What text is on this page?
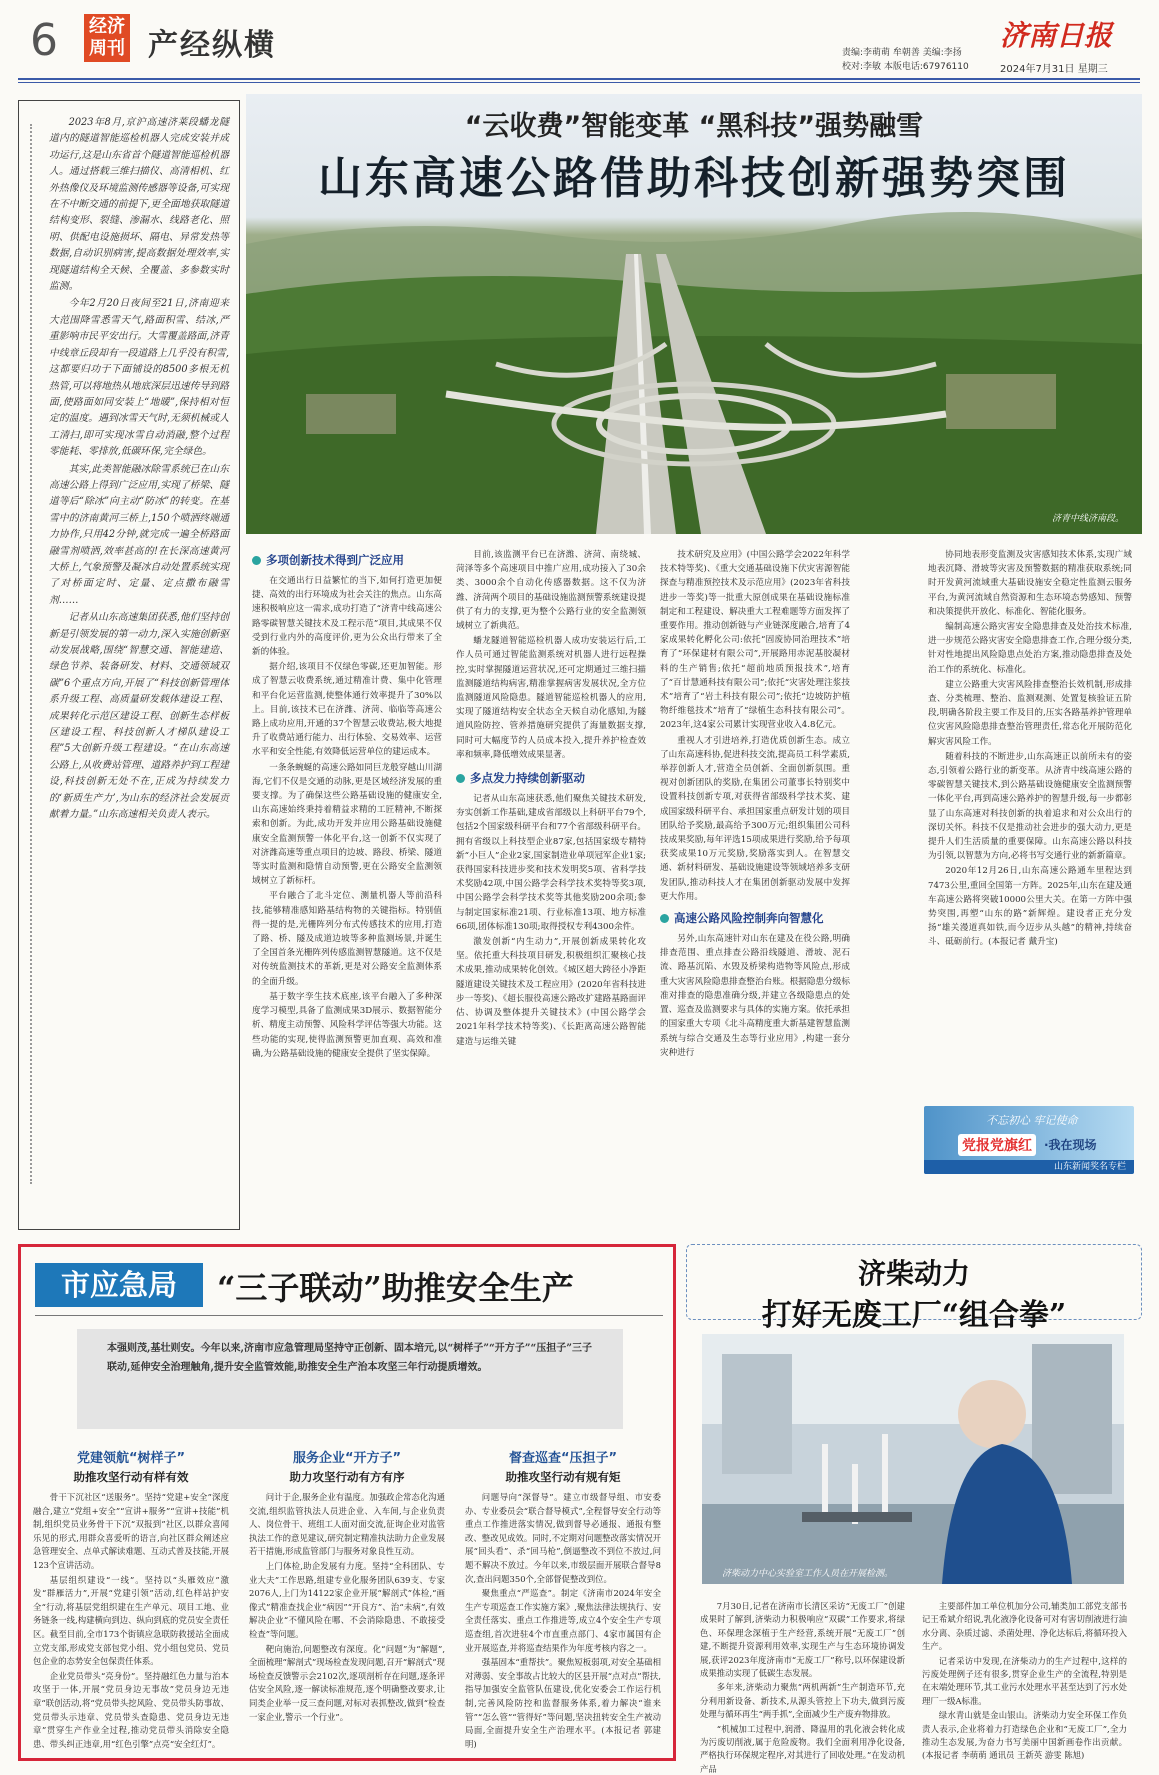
6 经济
周刊 产经纵横	责编:李萌萌 牟朝善 美编:李扬
校对:李敏 本版电话:67976110
济南日报
2024年7月31日 星期三

2023年8月,京沪高速济莱段蟠龙隧道内的隧道智能巡检机器人完成安装并成功运行,这是山东省首个隧道智能巡检机器人。通过搭载三维扫描仪、高清相机、红外热像仪及环境监测传感器等设备,可实现在不中断交通的前提下,更全面地获取隧道结构变形、裂缝、渗漏水、线路老化、照明、供配电设施损坏、隔电、异常发热等数据,自动识别病害,提高数据处理效率,实现隧道结构全天候、全覆盖、多参数实时监测。

今年2月20日夜间至21日,济南迎来大范围降雪悉雪天气,路面积雪、结冰,严重影响市民平安出行。大雪覆盖路面,济青中线章丘段却有一段道路上几乎没有积雪,这都要归功于下面铺设的8500多根无机热管,可以将地热从地底深层迅速传导到路面,使路面如同安装上“地暖”,保持相对恒定的温度。遇到冰雪天气时,无须机械或人工清扫,即可实现冰雪自动消融,整个过程零能耗、零排放,低碳环保,完全绿色。

其实,此类智能融冰除雪系统已在山东高速公路上得到广泛应用,实现了桥梁、隧道等后“除冰”向主动“防冰”的转变。在基雪中的济南黄河三桥上,150个喷洒终端通力协作,只用42分钟,就完成一遍全桥路面融雪剂喷洒,效率甚高的!在长深高速黄河大桥上,气象预警及凝冰自动处置系统实现了对桥面定时、定量、定点撒布融雪剂……

记者从山东高速集团获悉,他们坚持创新是引领发展的第一动力,深入实施创新驱动发展战略,围绕“智慧交通、智能建造、绿色节养、装备研发、材料、交通领域双碳”6个重点方向,开展了“科技创新管理体系升级工程、高质量研发载体建设工程、成果转化示范区建设工程、创新生态样板区建设工程、科技创新人才梯队建设工程”5大创新升级工程建设。“在山东高速公路上,从收费站管理、道路养护到工程建设,科技创新无处不在,正成为持续发力的‘新质生产力’,为山东的经济社会发展贡献着力量。”山东高速相关负责人表示。

“云收费”智能变革 “黑科技”强势融雪
山东高速公路借助科技创新强势突围
济青中线济南段。
多项创新技术得到广泛应用

在交通出行日益繁忙的当下,如何打造更加便捷、高效的出行环境成为社会关注的焦点。山东高速积极响应这一需求,成功打造了“济青中线高速公路零碳智慧关键技术及工程示范”项目,其成果不仅受到行业内外的高度评价,更为公众出行带来了全新的体验。

据介绍,该项目不仅绿色零碳,还更加智能。形成了智慧云收费系统,通过精准计费、集中化管理和平台化运营监测,使整体通行效率提升了30%以上。目前,该技术已在济潍、济菏、临临等高速公路上成功应用,开通的37个智慧云收费站,极大地提升了收费站通行能力、出行体验、交易效率、运营水平和安全性能,有效降低运营单位的建运成本。

一条条蜿蜒的高速公路如同巨龙般穿越山川湖海,它们不仅是交通的动脉,更是区域经济发展的重要支撑。为了确保这些公路基础设施的健康安全,山东高速始终秉持着精益求精的工匠精神,不断探索和创新。为此,成功开发并应用公路基础设施健康安全监测预警一体化平台,这一创新不仅实现了对济潍高速等重点项目的边坡、路段、桥梁、隧道等实时监测和隐情自动预警,更在公路安全监测领域树立了新标杆。

平台融合了北斗定位、测量机器人等前沿科技,能够精准感知路基结构物的关键指标。特别值得一提的是,光栅阵列分布式传感技术的应用,打造了路、桥、隧及成道边坡等多种监测场景,并诞生了全国首条光栅阵列传感监测智慧隧道。这不仅是对传统监测技术的革新,更是对公路安全监测体系的全面升级。

基于数字孪生技术底座,该平台融入了多种深度学习模型,具备了监测成果3D展示、数据智能分析、精度主动预警、风险科学评估等强大功能。这些功能的实现,使得监测预警更加直观、高效和准确,为公路基础设施的健康安全提供了坚实保障。

目前,该监测平台已在济潍、济菏、南绕城、菏泽等多个高速项目中推广应用,成功接入了30余类、3000余个自动化传感器数据。这不仅为济潍、济菏两个项目的基础设施监测预警系统建设提供了有力的支撑,更为整个公路行业的安全监测领域树立了新典范。

蟠龙隧道智能巡检机器人成功安装运行后,工作人员可通过智能监测系统对机器人进行远程操控,实时掌握隧道运营状况,还可定期通过三维扫描监测隧道结构病害,精准掌握病害发展状况,全方位监测隧道风险隐患。隧道智能巡检机器人的应用,实现了隧道结构安全状态全天候自动化感知,为隧道风险防控、管养措施研究提供了海量数据支撑,同时可大幅度节约人员成本投入,提升养护检查效率和频率,降低增效成果显著。

多点发力持续创新驱动

记者从山东高速获悉,他们聚焦关键技术研发,夯实创新工作基础,建成省部级以上科研平台79个,包括2个国家级科研平台和77个省部级科研平台。拥有省级以上科技型企业87家,包括国家级专精特新“小巨人”企业2家,国家制造业单项冠军企业1家;获得国家科技进步奖和技术发明奖5项、省科学技术奖励42项,中国公路学会科学技术奖特等奖3项,中国公路学会科学技术奖等其他奖励200余项;参与制定国家标准21项、行业标准13项、地方标准66项,团体标准130项;取得授权专利4300余件。

激发创新“内生动力”,开展创新成果转化攻坚。依托重大科技项目研发,积极组织汇聚核心技术成果,推动成果转化创效。《城区超大跨径小净距隧道建设关键技术及工程应用》(2020年省科技进步一等奖)、《超长服役高速公路改扩建路基路面评估、协调及整体提升关键技术》(中国公路学会2021年科学技术特等奖)、《长距离高速公路智能建造与运维关键

技术研究及应用》(中国公路学会2022年科学技术特等奖)、《重大交通基础设施下伏灾害源智能探查与精准预控技术及示范应用》(2023年省科技进步一等奖)等一批重大原创成果在基础设施标准制定和工程建设、解决重大工程难题等方面发挥了重要作用。推动创新链与产业链深度融合,培育了4家成果转化孵化公司:依托“固废协同治理技术”培育了“环保建材有限公司”,开展路用赤泥基胶凝材料的生产销售;依托“超前地质预报技术”,培育了“百廿慧通科技有限公司”;依托“灾害处理注浆技术”培育了“岩土科技有限公司”;依托“边坡防护植物纤维毯技术”培育了“绿植生态科技有限公司”。2023年,这4家公司累计实现营业收入4.8亿元。

重视人才引进培养,打造优质创新生态。成立了山东高速科协,促进科技交流,提高员工科学素质,举荐创新人才,营造全员创新、全面创新氛围。重视对创新团队的奖励,在集团公司董事长特别奖中设置科技创新专项,对获得省部级科学技术奖、建成国家级科研平台、承担国家重点研发计划的项目团队给予奖励,最高给予300万元;组织集团公司科技成果奖励,每年评选15项成果进行奖励,给予每项获奖成果10万元奖励,奖励落实到人。在智慧交通、新材料研发、基础设施建设等领域培养多支研发团队,推动科技人才在集团创新驱动发展中发挥更大作用。

高速公路风险控制奔向智慧化

另外,山东高速针对山东在建及在役公路,明确排查范围、重点排查公路沿线隧道、滑坡、泥石流、路基沉陷、水毁及桥梁构造物等风险点,形成重大灾害风险隐患排查整治台账。根据隐患分级标准对排查的隐患准确分级,并建立各级隐患点的处置、巡查及监测要求与具体的实施方案。依托承担的国家重大专项《北斗高精度重大新基建智慧监测系统与综合交通及生态等行业应用》,构建一套分灾种进行

协同地表形变监测及灾害感知技术体系,实现广域地表沉降、滑坡等灾害及预警数据的精准获取系统;同时开发黄河流域重大基础设施安全稳定性监测云服务平台,为黄河流域自然资源和生态环境态势感知、预警和决策提供开放化、标准化、智能化服务。

编制高速公路灾害安全隐患排查及处治技术标准,进一步规范公路灾害安全隐患排查工作,合理分级分类,针对性地提出风险隐患点处治方案,推动隐患排查及处治工作的系统化、标准化。

建立公路重大灾害风险排查整治长效机制,形成排查、分类梳理、整治、监测观测、处置复核验证五阶段,明确各阶段主要工作及目的,压实各路基养护管理单位灾害风险隐患排查整治管理责任,常态化开展防范化解灾害风险工作。

随着科技的不断进步,山东高速正以前所未有的姿态,引领着公路行业的新变革。从济青中线高速公路的零碳智慧关键技术,到公路基础设施健康安全监测预警一体化平台,再到高速公路养护的智慧升级,每一步都彰显了山东高速对科技创新的执着追求和对公众出行的深切关怀。科技不仅是推动社会进步的强大动力,更是提升人们生活质量的重要保障。山东高速公路以科技为引领,以智慧为方向,必将书写交通行业的新新篇章。

2020年12月26日,山东高速公路通车里程达到7473公里,重回全国第一方阵。2025年,山东在建及通车高速公路将突破10000公里大关。在第一方阵中强势突围,再塑“山东的路”新辉煌。建设者正充分发扬“雄关漫道真如铁,而今迈步从头越”的精神,持续奋斗、砥砺前行。(本报记者 戴升宝)

不忘初心 牢记使命
党报党旗红	·我在现场
山东新闻奖名专栏
市应急局	“三子联动”助推安全生产
本强则茂,基壮则安。今年以来,济南市应急管理局坚持守正创新、固本培元,以“树样子”“开方子”“压担子”三子联动,延伸安全治理触角,提升安全监管效能,助推安全生产治本攻坚三年行动提质增效。
党建领航“树样子”
助推攻坚行动有样有效

骨干下沉社区“送服务”。坚持“党建+安全”深度融合,建立“党组+安全”“宣讲+服务”“宣讲+技能”机制,组织党员业务骨干下沉“双报到”社区,以群众喜闻乐见的形式,用群众喜爱听的语言,向社区群众阐述应急管理安全、点单式解读难题、互动式普及技能,开展123个宣讲活动。

基层组织建设“一线”。坚持以“头雁效应”激发“群雁活力”,开展“党建引领”活动,红色样站护安全“行动,将基层党组织建在生产单元、项目工地、业务链条一线,构建横向到边、纵向到底的党员安全责任区。截至目前,全市173个街镇应急联防救援站全面成立党支部,形成党支部包党小组、党小组包党员、党员包企业的态势安全包保责任体系。

企业党员带头“亮身份”。坚持融红色力量与治本攻坚于一体,开展“党员身边无事故”党员身边无违章“联创活动,将“党员带头挖风险、党员带头防事故、党员带头示违章、党员带头查隐患、党员身边无违章”贯穿生产作业全过程,推动党员带头消除安全隐患、带头纠正违章,用“红色引擎”点亮“安全红灯”。

服务企业“开方子”
助力攻坚行动有方有序

问计于企,服务企业有温度。加强政企常态化沟通交流,组织监管执法人员进企业、入车间,与企业负责人、岗位骨干、班组工人面对面交流,征询企业对监管执法工作的意见建议,研究制定精准执法助力企业发展若干措施,形成监管部门与服务对象良性互动。

上门体检,助企发展有力度。坚持“全科团队、专业大夫”工作思路,组建专业化服务团队639支、专家2076人,上门为14122家企业开展“解剖式”体检,“画像式”精准查找企业“病因”“开良方”、治“未病”,有效解决企业“不懂风险在哪、不会消除隐患、不敢接受检查”等问题。

靶向施治,问题整改有深度。化“问题”为“解题”,全面梳理“解剖式”现场检查发现问题,召开“解剖式”现场检查反馈警示会2102次,逐项剖析存在问题,逐条评估安全风险,逐一解读标准规范,逐个明确整改要求,让同类企业举一反三查问题,对标对表抓整改,做到“检查一家企业,警示一个行业”。

督查巡查“压担子”
助推攻坚行动有规有矩

问题导向“深督导”。建立市级督导组、市安委办、专业委员会“联合督导模式”,全程督导安全行动等重点工作推进落实情况,做到督导必通报、通报有整改、整改见成效。同时,不定期对问题整改落实情况开展“回头看”、杀“回马枪”,倒逼整改不到位不放过,问题不解决不放过。今年以来,市级层面开展联合督导8次,查出问题350个,全部督促整改到位。

聚焦重点“严巡查”。制定《济南市2024年安全生产专项巡查工作实施方案》,聚焦法律法规执行、安全责任落实、重点工作推进等,成立4个安全生产专项巡查组,首次进驻4个市直重点部门、4家市属国有企业开展巡查,并将巡查结果作为年度考核内容之一。

强基固本“重帮扶”。聚焦短板弱项,对安全基础相对薄弱、安全事故占比较大的区县开展“点对点”帮扶,指导加强安全监管队伍建设,优化安委会工作运行机制,完善风险防控和监督服务体系,着力解决“谁来管”“怎么管”“管得好”等问题,坚决扭转安全生产被动局面,全面提升安全生产治理水平。(本报记者 郭建明)

济柴动力
打好无废工厂“组合拳”
济柴动力中心实验室工作人员在开展检测。

7月30日,记者在济南市长清区采访“无废工厂”创建成果时了解到,济柴动力积极响应“双碳”工作要求,将绿色、环保理念深植于生产经营,系统开展“无废工厂”创建,不断提升资源利用效率,实现生产与生态环境协调发展,获评2023年度济南市“无废工厂”称号,以环保建设新成果推动实现了低碳生态发展。

多年来,济柴动力聚焦“两机两新”生产制造环节,充分利用新设备、新技术,从源头管控上下功夫,做到污废处理与循环再生“两手抓”,全面减少生产废弃物排放。

“机械加工过程中,润滑、降温用的乳化液会转化成为污废切削液,属于危险废物。我们全面利用净化设备,严格执行环保规定程序,对其进行了回收处理。”在发动机产品

主要部件加工单位机加分公司,辅类加工部党支部书记王希斌介绍说,乳化液净化设备可对有害切削液进行油水分离、杂质过滤、杀菌处理、净化达标后,将循环投入生产。

记者采访中发现,在济柴动力的生产过程中,这样的污废处理例子还有很多,贯穿企业生产的全流程,特别是在末端处理环节,其工业污水处理水平甚至达到了污水处理厂一级A标准。

绿水青山就是金山银山。济柴动力安全环保工作负责人表示,企业将着力打造绿色企业和“无废工厂”,全力推动生态发展,为奋力书写美丽中国新画卷作出贡献。(本报记者 李萌萌 通讯员 王新英 游雯 陈旭)
